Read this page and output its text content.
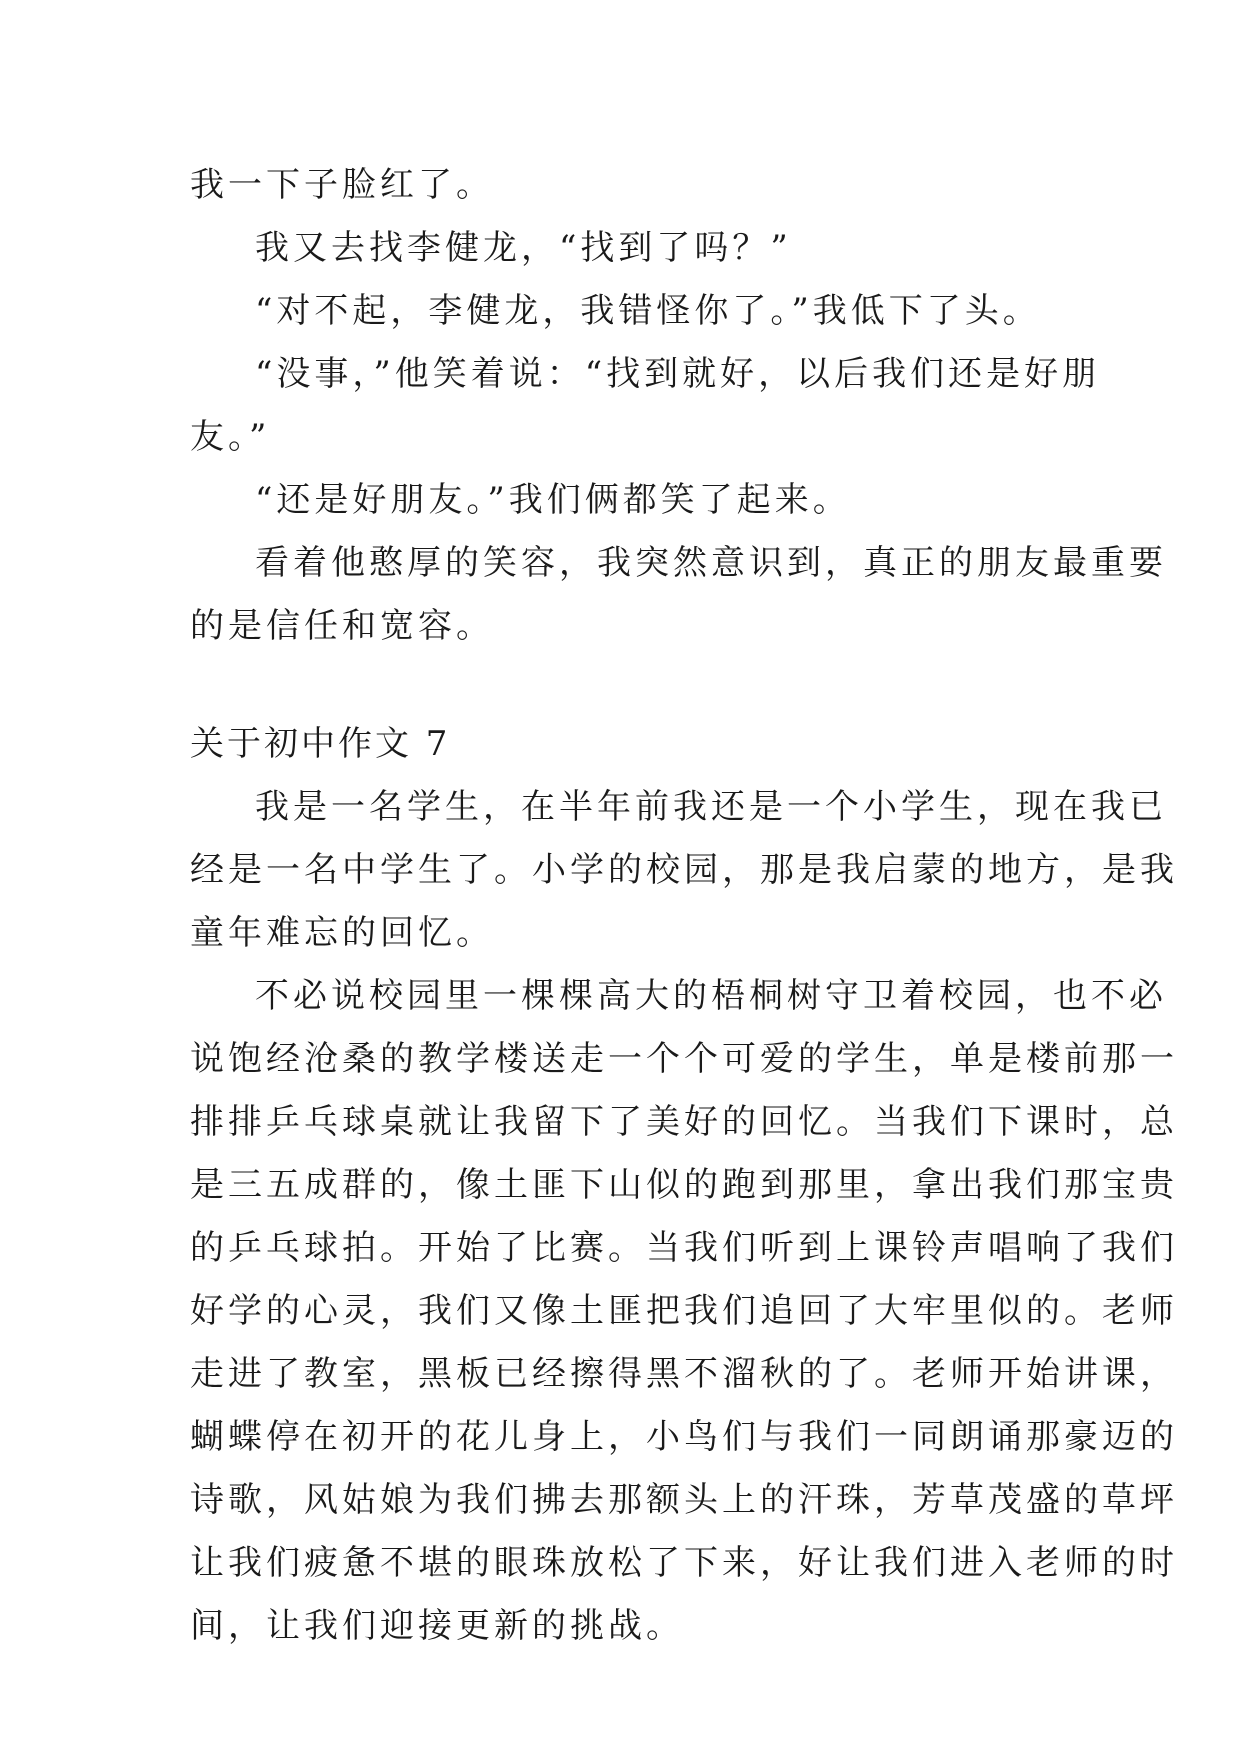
我一下子脸红了。
我又去找李健龙，“找到了吗？”
“对不起，李健龙，我错怪你了。”我低下了头。
“没事，”他笑着说：“找到就好，以后我们还是好朋
友。”
“还是好朋友。”我们俩都笑了起来。
看着他憨厚的笑容，我突然意识到，真正的朋友最重要
的是信任和宽容。
关于初中作文 7
我是一名学生，在半年前我还是一个小学生，现在我已
经是一名中学生了。小学的校园，那是我启蒙的地方，是我
童年难忘的回忆。
不必说校园里一棵棵高大的梧桐树守卫着校园，也不必
说饱经沧桑的教学楼送走一个个可爱的学生，单是楼前那一
排排乒乓球桌就让我留下了美好的回忆。当我们下课时，总
是三五成群的，像土匪下山似的跑到那里，拿出我们那宝贵
的乒乓球拍。开始了比赛。当我们听到上课铃声唱响了我们
好学的心灵，我们又像土匪把我们追回了大牢里似的。老师
走进了教室，黑板已经擦得黑不溜秋的了。老师开始讲课，
蝴蝶停在初开的花儿身上，小鸟们与我们一同朗诵那豪迈的
诗歌，风姑娘为我们拂去那额头上的汗珠，芳草茂盛的草坪
让我们疲惫不堪的眼珠放松了下来，好让我们进入老师的时
间，让我们迎接更新的挑战。
